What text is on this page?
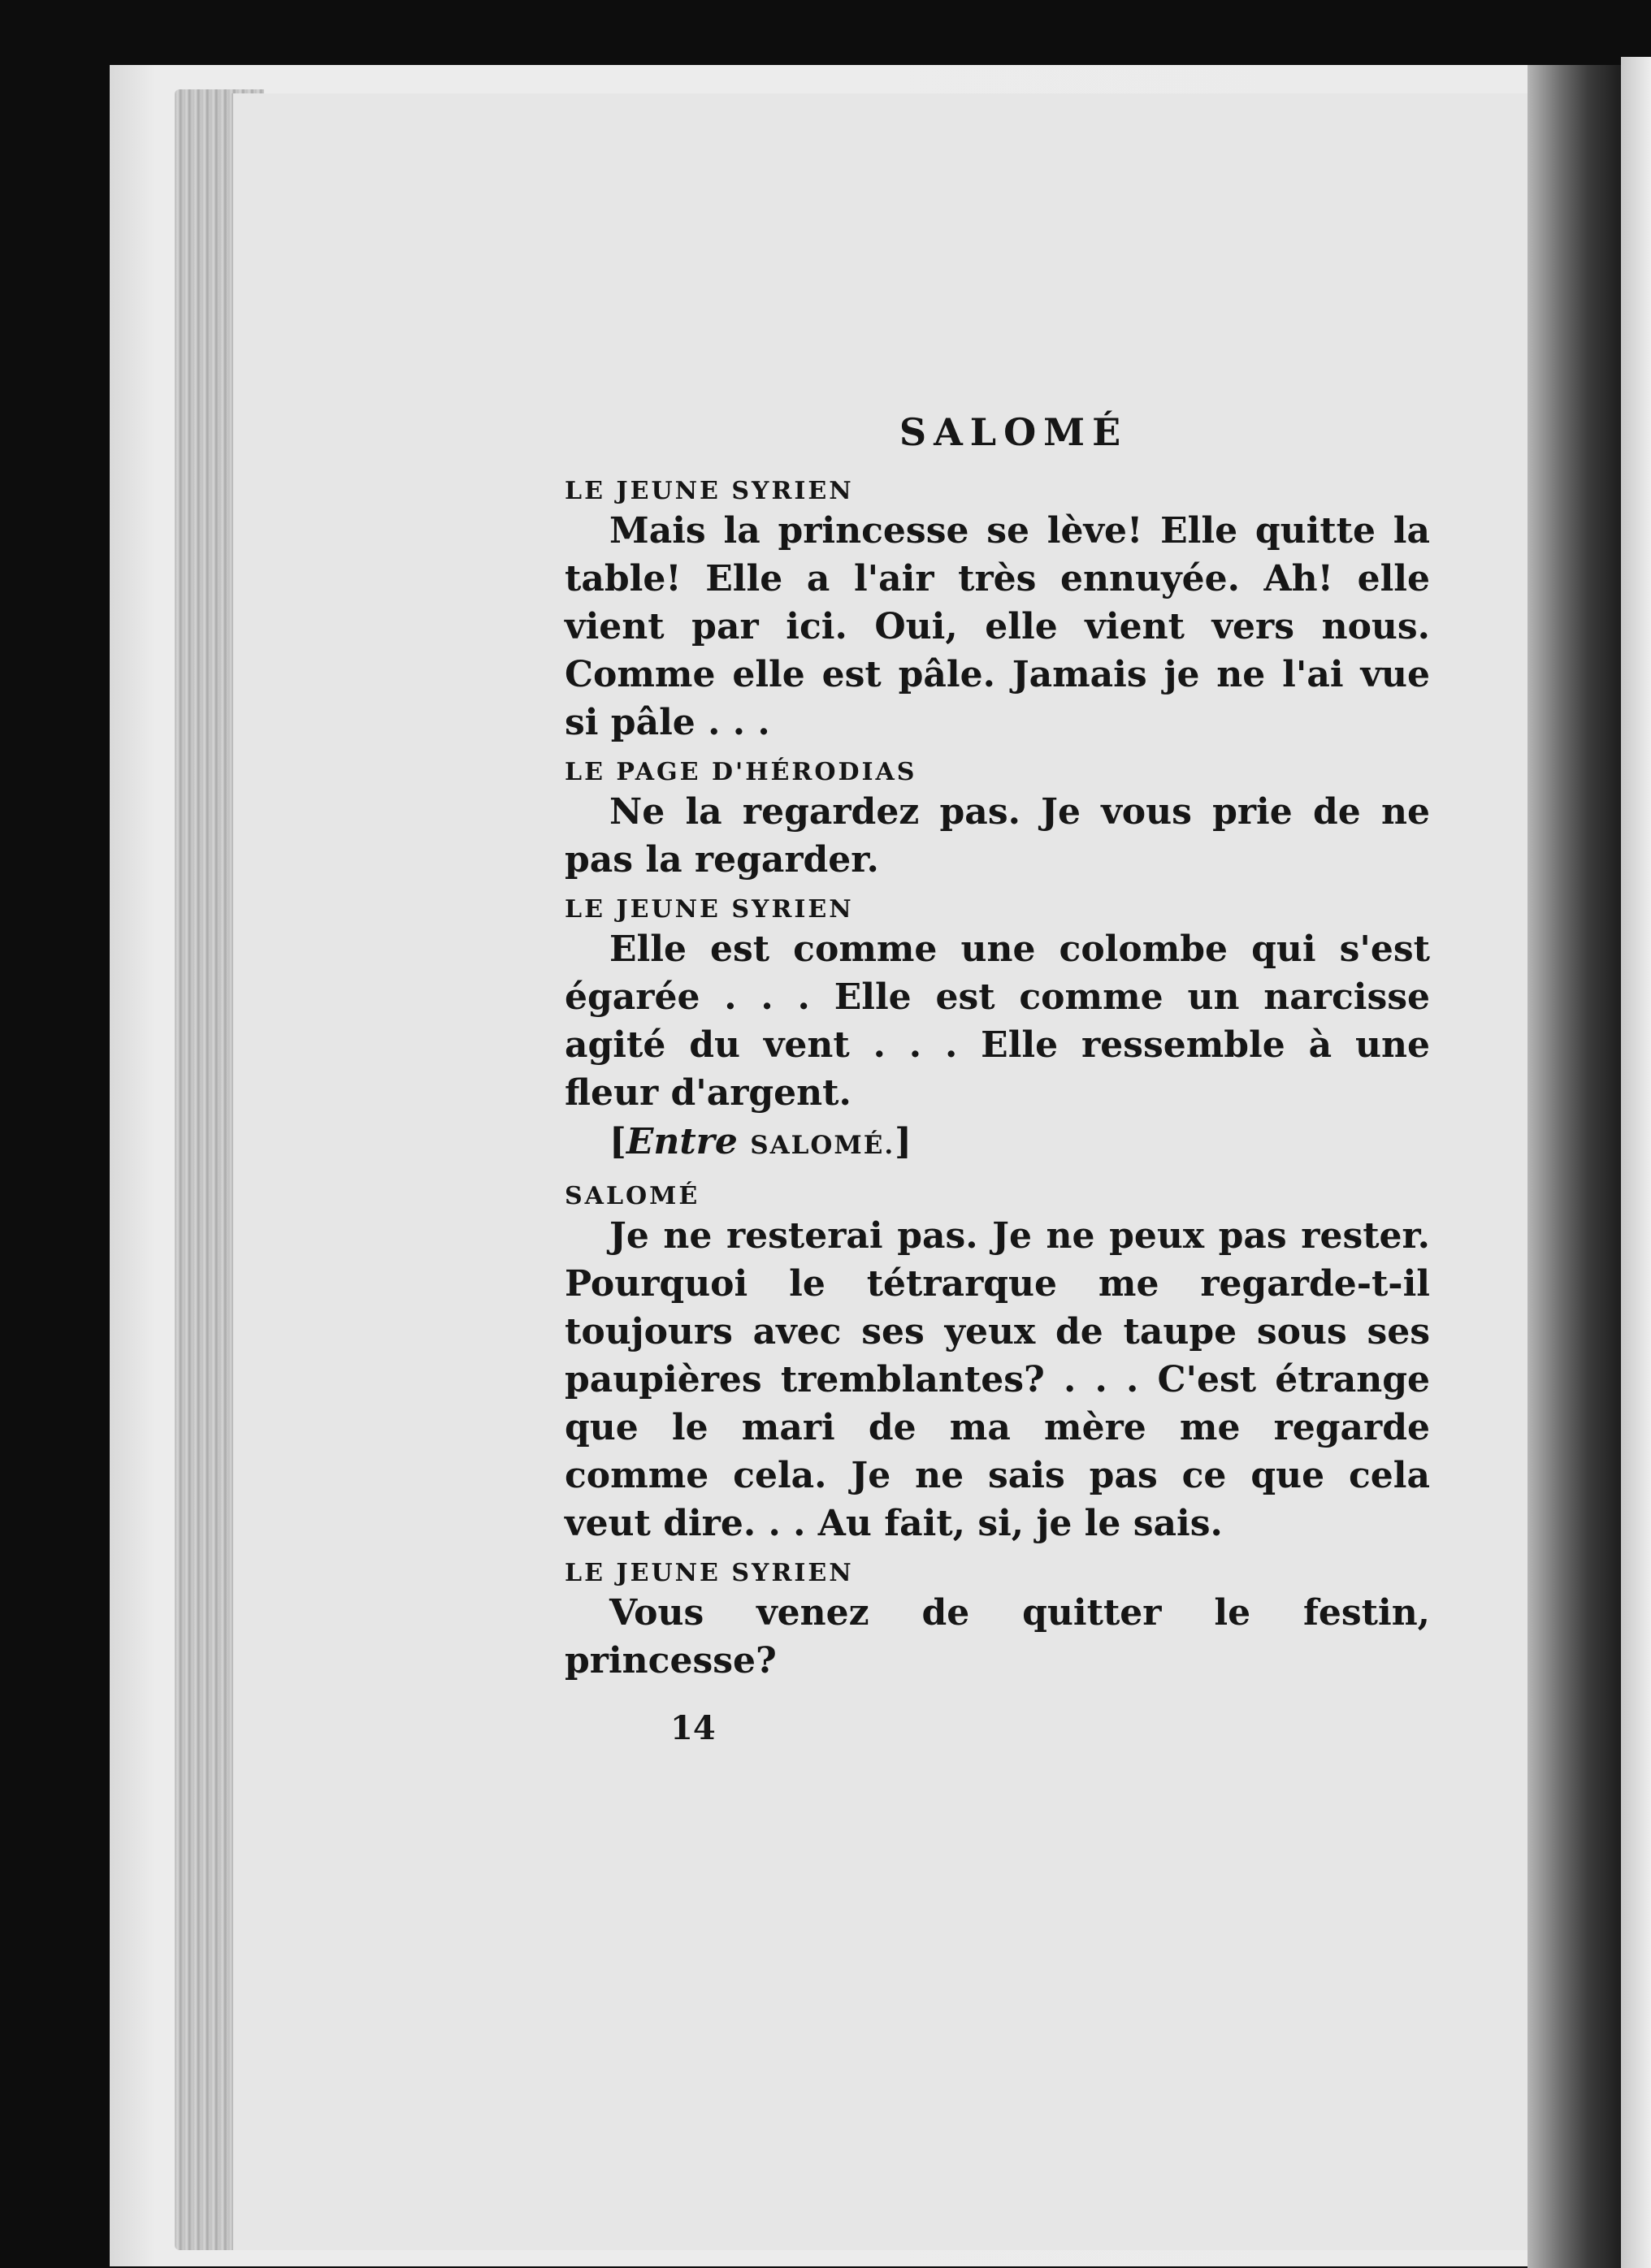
SALOMÉ
LE JEUNE SYRIEN
Mais la princesse se lève! Elle quitte la table! Elle a l'air très ennuyée. Ah! elle vient par ici. Oui, elle vient vers nous. Comme elle est pâle. Jamais je ne l'ai vue si pâle . . .
LE PAGE D'HÉRODIAS
Ne la regardez pas. Je vous prie de ne pas la regarder.
LE JEUNE SYRIEN
Elle est comme une colombe qui s'est égarée . . . Elle est comme un narcisse agité du vent . . . Elle ressemble à une fleur d'argent.
[Entre SALOMÉ.]
SALOMÉ
Je ne resterai pas. Je ne peux pas rester. Pourquoi le tétrarque me regarde-t-il toujours avec ses yeux de taupe sous ses paupières tremblantes? . . . C'est étrange que le mari de ma mère me regarde comme cela. Je ne sais pas ce que cela veut dire. . . Au fait, si, je le sais.
LE JEUNE SYRIEN
Vous venez de quitter le festin, princesse?
14
